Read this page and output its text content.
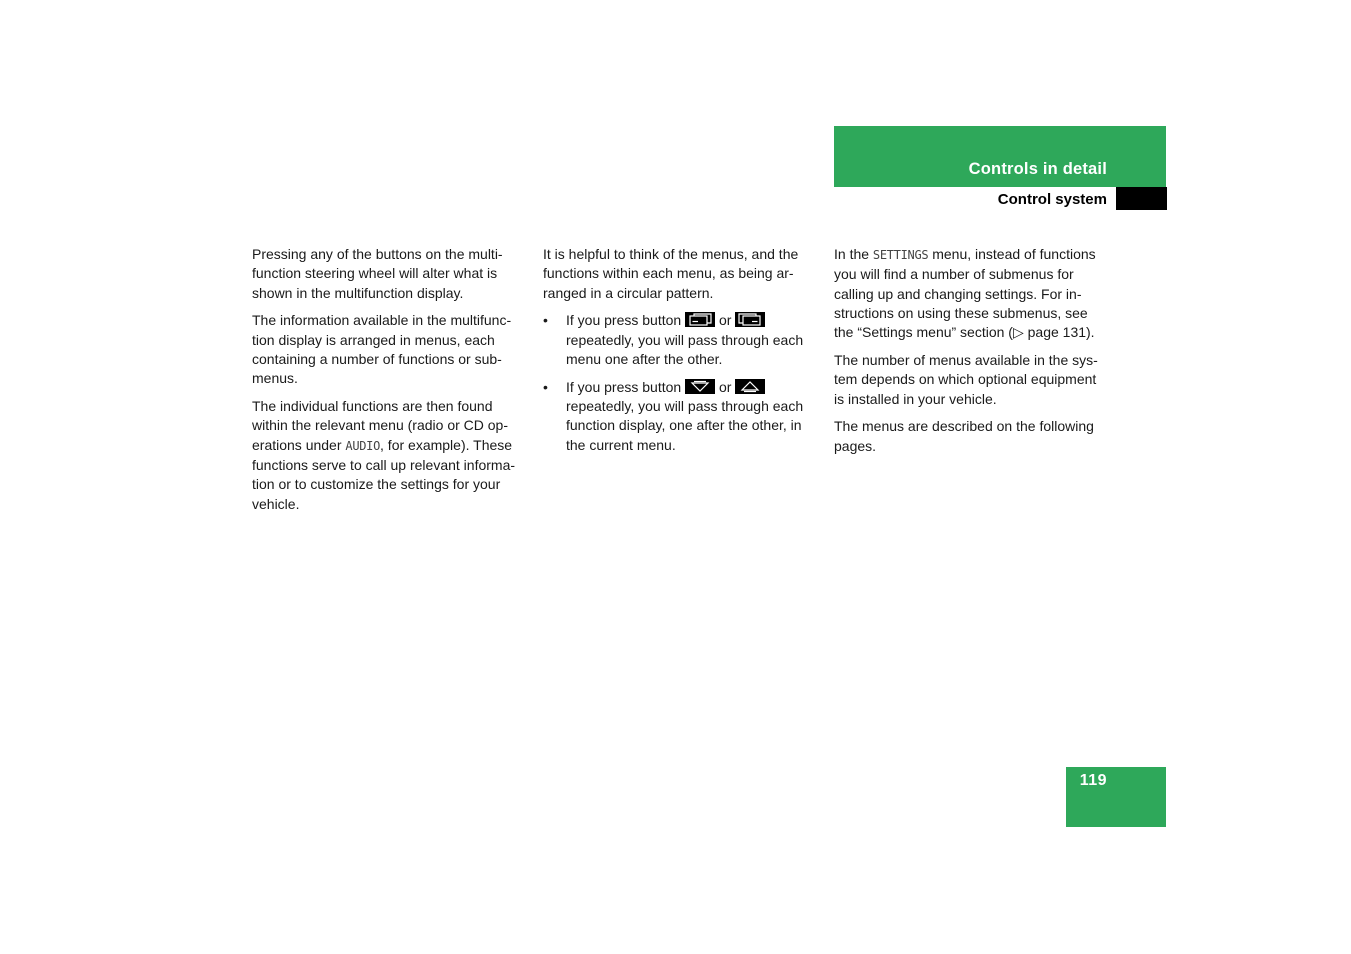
Controls in detail
Control system

Pressing any of the buttons on the multi-
function steering wheel will alter what is
shown in the multifunction display.

The information available in the multifunc-
tion display is arranged in menus, each
containing a number of functions or sub-
menus.

The individual functions are then found
within the relevant menu (radio or CD op-
erations under AUDIO, for example). These
functions serve to call up relevant informa-
tion or to customize the settings for your
vehicle.

It is helpful to think of the menus, and the
functions within each menu, as being ar-
ranged in a circular pattern.

• If you press button
or

repeatedly, you will pass through each
menu one after the other.
• If you press button
or

repeatedly, you will pass through each
function display, one after the other, in
the current menu.

In the SETTINGS menu, instead of functions
you will find a number of submenus for
calling up and changing settings. For in-
structions on using these submenus, see
the “Settings menu” section (▷ page 131).

The number of menus available in the sys-
tem depends on which optional equipment
is installed in your vehicle.

The menus are described on the following
pages.

119
